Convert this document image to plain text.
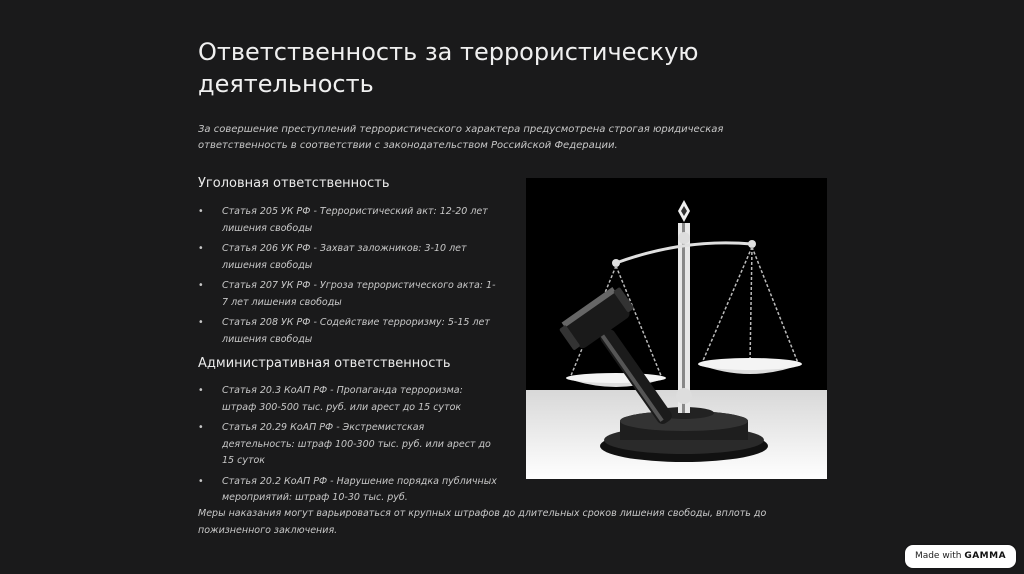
Ответственность за террористическую деятельность

За совершение преступлений террористического характера предусмотрена строгая юридическая ответственность в соответствии с законодательством Российской Федерации.

Уголовная ответственность
• Статья 205 УК РФ - Террористический акт: 12-20 лет лишения свободы
• Статья 206 УК РФ - Захват заложников: 3-10 лет лишения свободы
• Статья 207 УК РФ - Угроза террористического акта: 1-7 лет лишения свободы
• Статья 208 УК РФ - Содействие терроризму: 5-15 лет лишения свободы
Административная ответственность
• Статья 20.3 КоАП РФ - Пропаганда терроризма: штраф 300-500 тыс. руб. или арест до 15 суток
• Статья 20.29 КоАП РФ - Экстремистская деятельность: штраф 100-300 тыс. руб. или арест до 15 суток
• Статья 20.2 КоАП РФ - Нарушение порядка публичных мероприятий: штраф 10-30 тыс. руб.

Меры наказания могут варьироваться от крупных штрафов до длительных сроков лишения свободы, вплоть до пожизненного заключения.

Made with GAMMA
